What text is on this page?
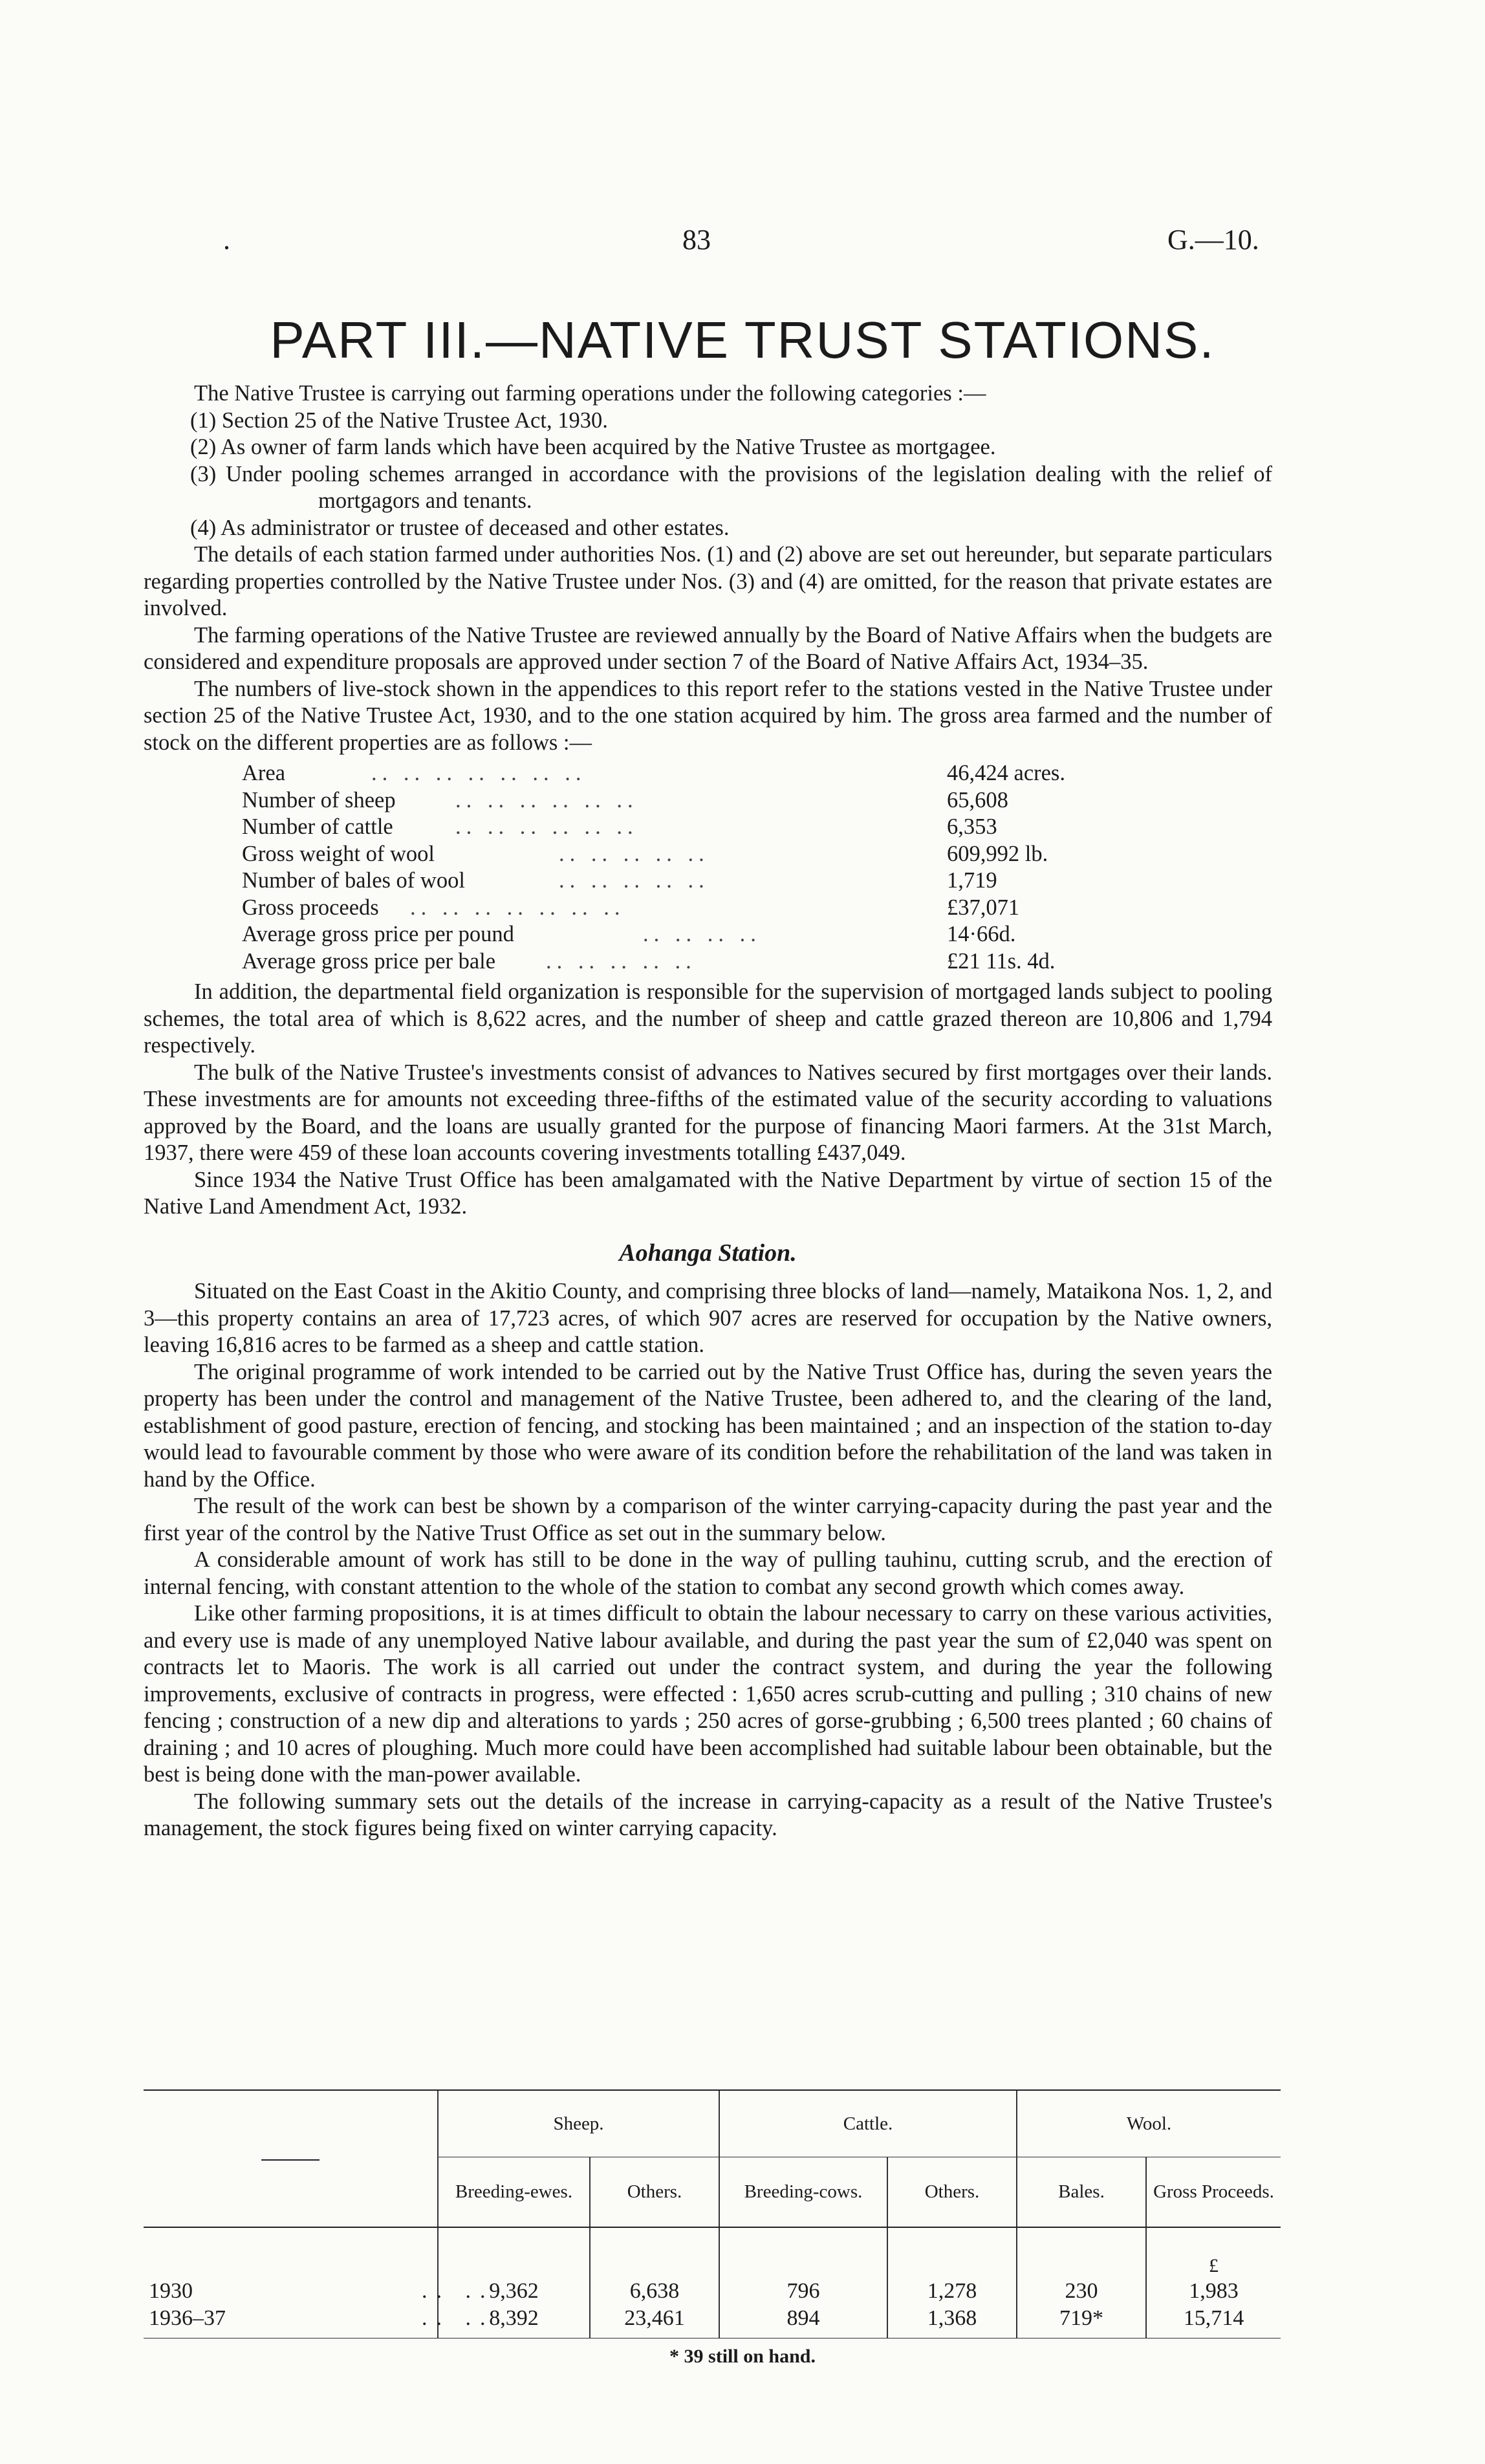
.	83	G.—10.
PART III.—NATIVE TRUST STATIONS.

The Native Trustee is carrying out farming operations under the following categories :—

(1) Section 25 of the Native Trustee Act, 1930.

(2) As owner of farm lands which have been acquired by the Native Trustee as mortgagee.

(3) Under pooling schemes arranged in accordance with the provisions of the legislation dealing with the relief of mortgagors and tenants.

(4) As administrator or trustee of deceased and other estates.

The details of each station farmed under authorities Nos. (1) and (2) above are set out hereunder, but separate particulars regarding properties controlled by the Native Trustee under Nos. (3) and (4) are omitted, for the reason that private estates are involved.

The farming operations of the Native Trustee are reviewed annually by the Board of Native Affairs when the budgets are considered and expenditure proposals are approved under section 7 of the Board of Native Affairs Act, 1934–35.

The numbers of live-stock shown in the appendices to this report refer to the stations vested in the Native Trustee under section 25 of the Native Trustee Act, 1930, and to the one station acquired by him. The gross area farmed and the number of stock on the different properties are as follows :—

Area .. .. .. .. .. .. ..	46,424 acres.
Number of sheep .. .. .. .. .. ..	65,608
Number of cattle .. .. .. .. .. ..	6,353
Gross weight of wool .. .. .. .. ..	609,992 lb.
Number of bales of wool .. .. .. .. ..	1,719
Gross proceeds .. .. .. .. .. .. ..	£37,071
Average gross price per pound .. .. .. ..	14·66d.
Average gross price per bale .. .. .. .. ..	£21 11s. 4d.

In addition, the departmental field organization is responsible for the supervision of mortgaged lands subject to pooling schemes, the total area of which is 8,622 acres, and the number of sheep and cattle grazed thereon are 10,806 and 1,794 respectively.

The bulk of the Native Trustee's investments consist of advances to Natives secured by first mortgages over their lands. These investments are for amounts not exceeding three-fifths of the estimated value of the security according to valuations approved by the Board, and the loans are usually granted for the purpose of financing Maori farmers. At the 31st March, 1937, there were 459 of these loan accounts covering investments totalling £437,049.

Since 1934 the Native Trust Office has been amalgamated with the Native Department by virtue of section 15 of the Native Land Amendment Act, 1932.

Aohanga Station.

Situated on the East Coast in the Akitio County, and comprising three blocks of land—namely, Mataikona Nos. 1, 2, and 3—this property contains an area of 17,723 acres, of which 907 acres are reserved for occupation by the Native owners, leaving 16,816 acres to be farmed as a sheep and cattle station.

The original programme of work intended to be carried out by the Native Trust Office has, during the seven years the property has been under the control and management of the Native Trustee, been adhered to, and the clearing of the land, establishment of good pasture, erection of fencing, and stocking has been maintained ; and an inspection of the station to-day would lead to favourable comment by those who were aware of its condition before the rehabilitation of the land was taken in hand by the Office.

The result of the work can best be shown by a comparison of the winter carrying-capacity during the past year and the first year of the control by the Native Trust Office as set out in the summary below.

A considerable amount of work has still to be done in the way of pulling tauhinu, cutting scrub, and the erection of internal fencing, with constant attention to the whole of the station to combat any second growth which comes away.

Like other farming propositions, it is at times difficult to obtain the labour necessary to carry on these various activities, and every use is made of any unemployed Native labour available, and during the past year the sum of £2,040 was spent on contracts let to Maoris. The work is all carried out under the contract system, and during the year the following improvements, exclusive of contracts in progress, were effected : 1,650 acres scrub-cutting and pulling ; 310 chains of new fencing ; construction of a new dip and alterations to yards ; 250 acres of gorse-grubbing ; 6,500 trees planted ; 60 chains of draining ; and 10 acres of ploughing. Much more could have been accomplished had suitable labour been obtainable, but the best is being done with the man-power available.

The following summary sets out the details of the increase in carrying-capacity as a result of the Native Trustee's management, the stock figures being fixed on winter carrying capacity.

	Sheep.		Cattle.		Wool.	
	Breeding-ewes.	Others.	Breeding-cows.	Others.	Bales.	Gross Proceeds.
						£
1930 .. ..	9,362	6,638	796	1,278	230	1,983
1936–37 .. ..	8,392	23,461	894	1,368	719*	15,714
* 39 still on hand.
